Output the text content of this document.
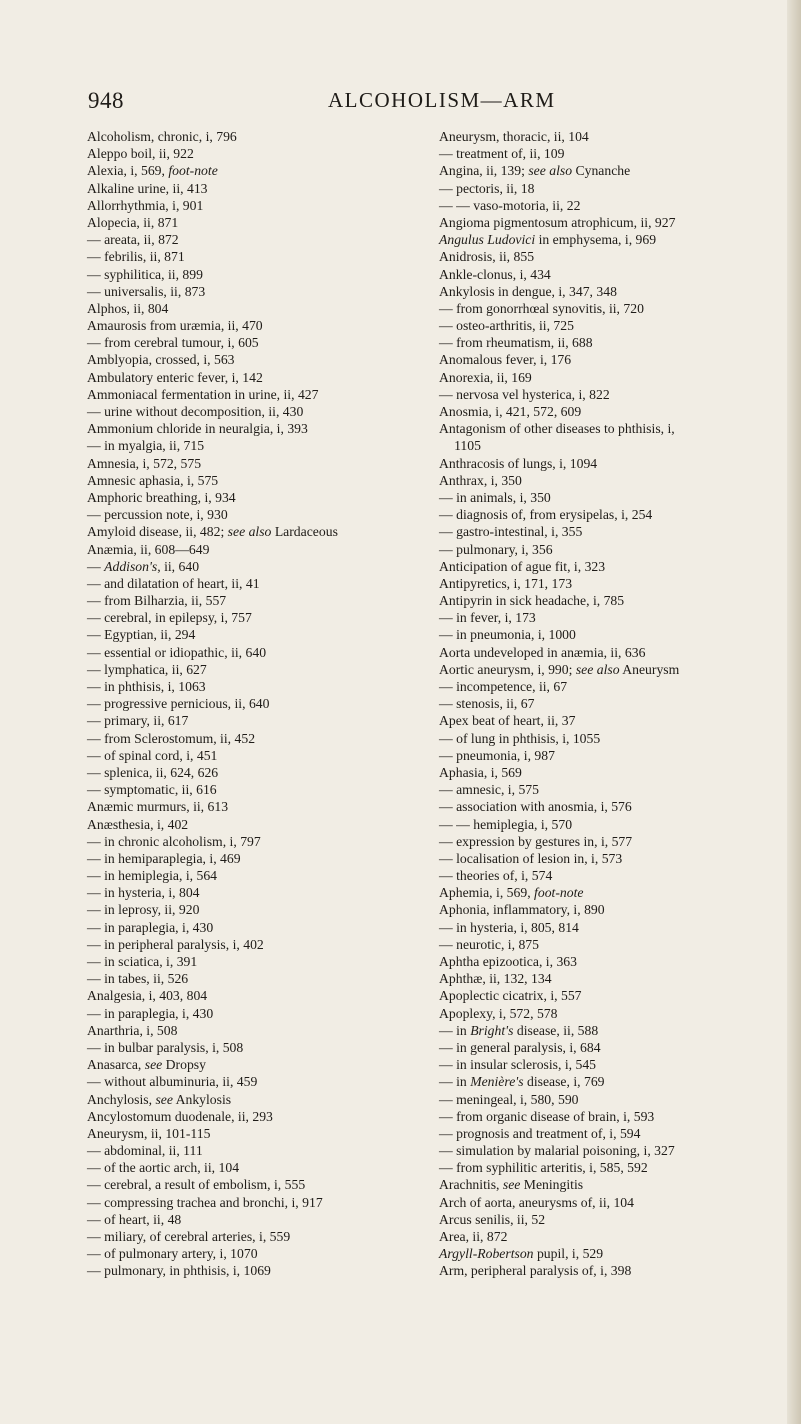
948	ALCOHOLISM—ARM
Alcoholism, chronic, i, 796
Aleppo boil, ii, 922
Alexia, i, 569, foot-note
Alkaline urine, ii, 413
Allorrhythmia, i, 901
Alopecia, ii, 871
— areata, ii, 872
— febrilis, ii, 871
— syphilitica, ii, 899
— universalis, ii, 873
Alphos, ii, 804
Amaurosis from uræmia, ii, 470
— from cerebral tumour, i, 605
Amblyopia, crossed, i, 563
Ambulatory enteric fever, i, 142
Ammoniacal fermentation in urine, ii, 427
— urine without decomposition, ii, 430
Ammonium chloride in neuralgia, i, 393
— in myalgia, ii, 715
Amnesia, i, 572, 575
Amnesic aphasia, i, 575
Amphoric breathing, i, 934
— percussion note, i, 930
Amyloid disease, ii, 482; see also Lardaceous
Anæmia, ii, 608—649
— Addison's, ii, 640
— and dilatation of heart, ii, 41
— from Bilharzia, ii, 557
— cerebral, in epilepsy, i, 757
— Egyptian, ii, 294
— essential or idiopathic, ii, 640
— lymphatica, ii, 627
— in phthisis, i, 1063
— progressive pernicious, ii, 640
— primary, ii, 617
— from Sclerostomum, ii, 452
— of spinal cord, i, 451
— splenica, ii, 624, 626
— symptomatic, ii, 616
Anæmic murmurs, ii, 613
Anæsthesia, i, 402
— in chronic alcoholism, i, 797
— in hemiparaplegia, i, 469
— in hemiplegia, i, 564
— in hysteria, i, 804
— in leprosy, ii, 920
— in paraplegia, i, 430
— in peripheral paralysis, i, 402
— in sciatica, i, 391
— in tabes, ii, 526
Analgesia, i, 403, 804
— in paraplegia, i, 430
Anarthria, i, 508
— in bulbar paralysis, i, 508
Anasarca, see Dropsy
— without albuminuria, ii, 459
Anchylosis, see Ankylosis
Ancylostomum duodenale, ii, 293
Aneurysm, ii, 101-115
— abdominal, ii, 111
— of the aortic arch, ii, 104
— cerebral, a result of embolism, i, 555
— compressing trachea and bronchi, i, 917
— of heart, ii, 48
— miliary, of cerebral arteries, i, 559
— of pulmonary artery, i, 1070
— pulmonary, in phthisis, i, 1069
Aneurysm, thoracic, ii, 104
— treatment of, ii, 109
Angina, ii, 139; see also Cynanche
— pectoris, ii, 18
— — vaso-motoria, ii, 22
Angioma pigmentosum atrophicum, ii, 927
Angulus Ludovici in emphysema, i, 969
Anidrosis, ii, 855
Ankle-clonus, i, 434
Ankylosis in dengue, i, 347, 348
— from gonorrhœal synovitis, ii, 720
— osteo-arthritis, ii, 725
— from rheumatism, ii, 688
Anomalous fever, i, 176
Anorexia, ii, 169
— nervosa vel hysterica, i, 822
Anosmia, i, 421, 572, 609
Antagonism of other diseases to phthisis, i,
1105
Anthracosis of lungs, i, 1094
Anthrax, i, 350
— in animals, i, 350
— diagnosis of, from erysipelas, i, 254
— gastro-intestinal, i, 355
— pulmonary, i, 356
Anticipation of ague fit, i, 323
Antipyretics, i, 171, 173
Antipyrin in sick headache, i, 785
— in fever, i, 173
— in pneumonia, i, 1000
Aorta undeveloped in anæmia, ii, 636
Aortic aneurysm, i, 990; see also Aneurysm
— incompetence, ii, 67
— stenosis, ii, 67
Apex beat of heart, ii, 37
— of lung in phthisis, i, 1055
— pneumonia, i, 987
Aphasia, i, 569
— amnesic, i, 575
— association with anosmia, i, 576
— — hemiplegia, i, 570
— expression by gestures in, i, 577
— localisation of lesion in, i, 573
— theories of, i, 574
Aphemia, i, 569, foot-note
Aphonia, inflammatory, i, 890
— in hysteria, i, 805, 814
— neurotic, i, 875
Aphtha epizootica, i, 363
Aphthæ, ii, 132, 134
Apoplectic cicatrix, i, 557
Apoplexy, i, 572, 578
— in Bright's disease, ii, 588
— in general paralysis, i, 684
— in insular sclerosis, i, 545
— in Menière's disease, i, 769
— meningeal, i, 580, 590
— from organic disease of brain, i, 593
— prognosis and treatment of, i, 594
— simulation by malarial poisoning, i, 327
— from syphilitic arteritis, i, 585, 592
Arachnitis, see Meningitis
Arch of aorta, aneurysms of, ii, 104
Arcus senilis, ii, 52
Area, ii, 872
Argyll-Robertson pupil, i, 529
Arm, peripheral paralysis of, i, 398
